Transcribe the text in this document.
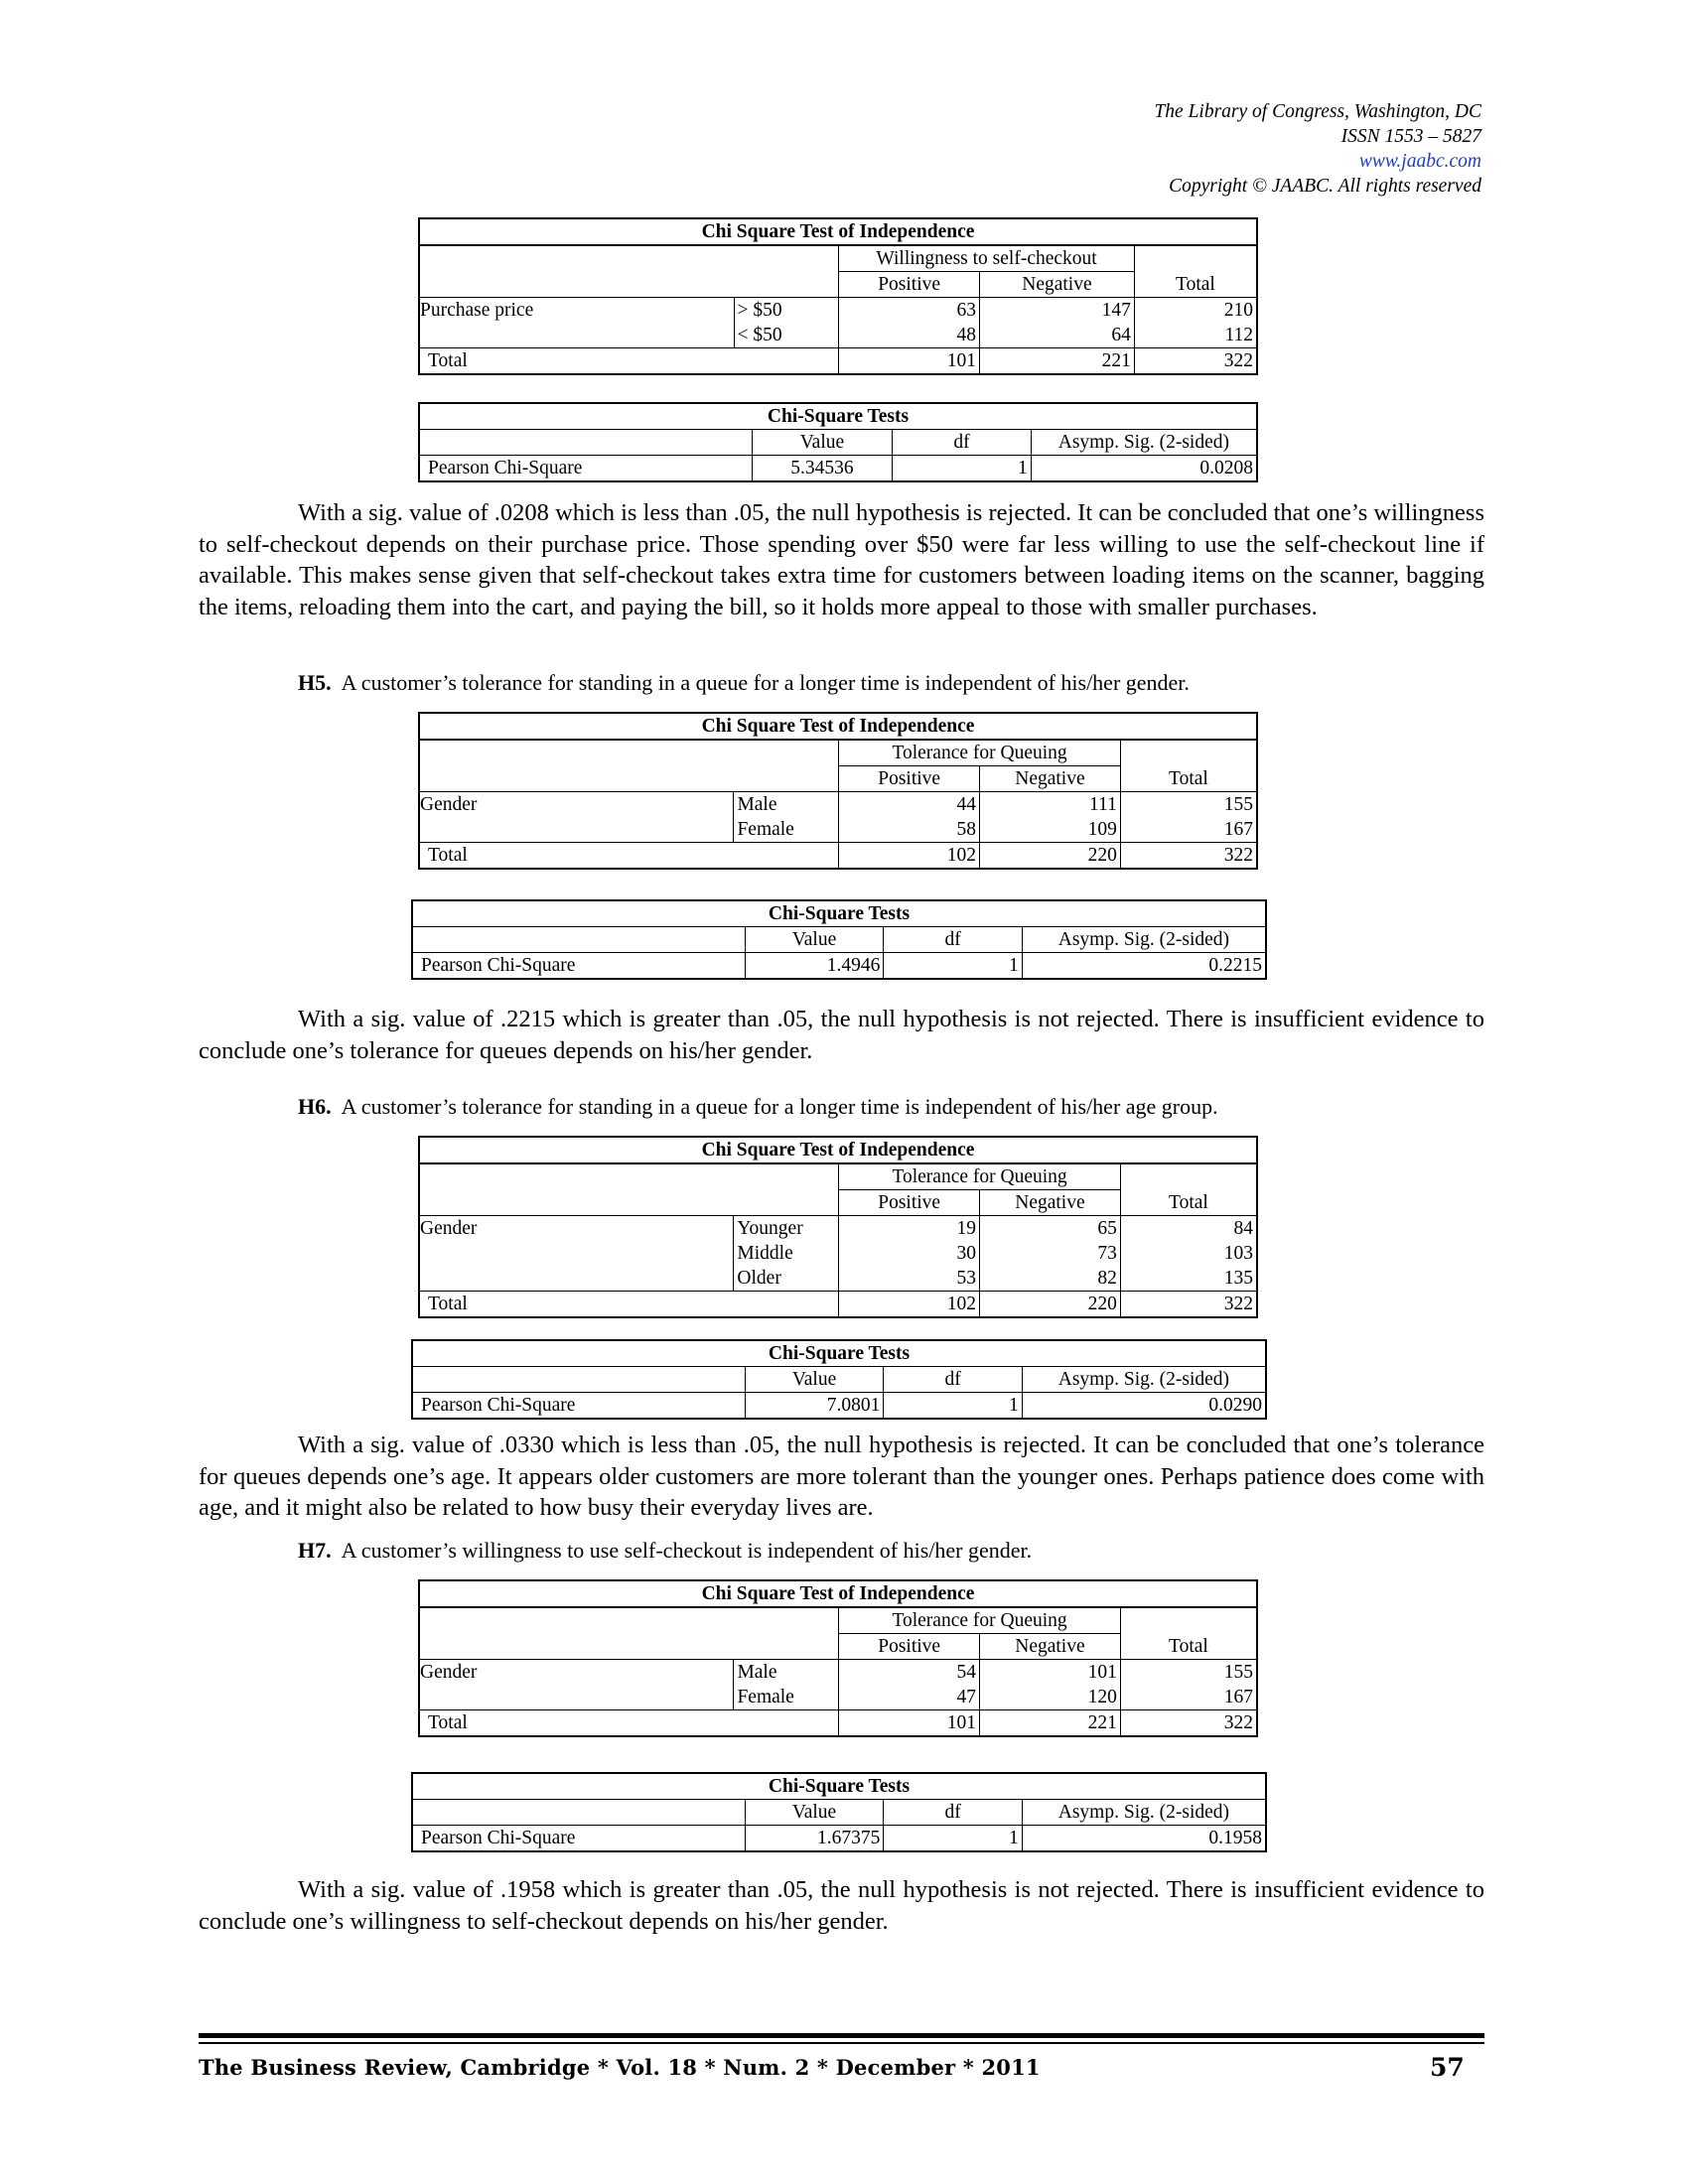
The Library of Congress, Washington, DC
ISSN 1553 – 5827
www.jaabc.com
Copyright © JAABC. All rights reserved
Chi Square Test of Independence				
		Willingness to self-checkout		Total
		Positive	Negative	
Purchase price	> $50	63	147	210
	< $50	48	64	112
Total		101	221	322
Chi-Square Tests			
	Value	df	Asymp. Sig. (2-sided)
Pearson Chi-Square	5.34536	1	0.0208

With a sig. value of .0208 which is less than .05, the null hypothesis is rejected. It can be concluded that one’s willingness to self-checkout depends on their purchase price. Those spending over $50 were far less willing to use the self-checkout line if available. This makes sense given that self-checkout takes extra time for customers between loading items on the scanner, bagging the items, reloading them into the cart, and paying the bill, so it holds more appeal to those with smaller purchases.

H5. A customer’s tolerance for standing in a queue for a longer time is independent of his/her gender.

Chi Square Test of Independence				
		Tolerance for Queuing		Total
		Positive	Negative	
Gender	Male	44	111	155
	Female	58	109	167
Total		102	220	322
Chi-Square Tests			
	Value	df	Asymp. Sig. (2-sided)
Pearson Chi-Square	1.4946	1	0.2215

With a sig. value of .2215 which is greater than .05, the null hypothesis is not rejected. There is insufficient evidence to conclude one’s tolerance for queues depends on his/her gender.

H6. A customer’s tolerance for standing in a queue for a longer time is independent of his/her age group.

Chi Square Test of Independence				
		Tolerance for Queuing		Total
		Positive	Negative	
Gender	Younger	19	65	84
	Middle	30	73	103
	Older	53	82	135
Total		102	220	322
Chi-Square Tests			
	Value	df	Asymp. Sig. (2-sided)
Pearson Chi-Square	7.0801	1	0.0290

With a sig. value of .0330 which is less than .05, the null hypothesis is rejected. It can be concluded that one’s tolerance for queues depends one’s age. It appears older customers are more tolerant than the younger ones. Perhaps patience does come with age, and it might also be related to how busy their everyday lives are.

H7. A customer’s willingness to use self-checkout is independent of his/her gender.

Chi Square Test of Independence				
		Tolerance for Queuing		Total
		Positive	Negative	
Gender	Male	54	101	155
	Female	47	120	167
Total		101	221	322
Chi-Square Tests			
	Value	df	Asymp. Sig. (2-sided)
Pearson Chi-Square	1.67375	1	0.1958

With a sig. value of .1958 which is greater than .05, the null hypothesis is not rejected. There is insufficient evidence to conclude one’s willingness to self-checkout depends on his/her gender.

The Business Review, Cambridge * Vol. 18 * Num. 2 * December * 2011	57
